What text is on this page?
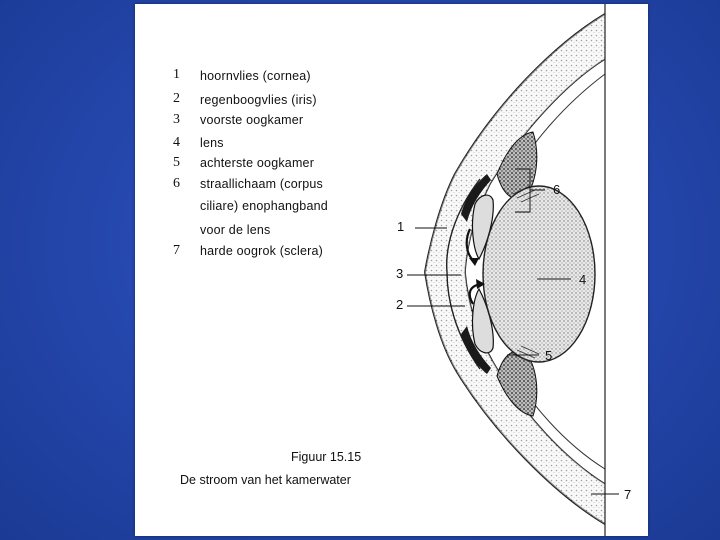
1 hoornvlies (cornea)
2 regenboogvlies (iris)
3 voorste oogkamer
4 lens
5 achterste oogkamer
6 straallichaam (corpus
ciliare) enophangband
voor de lens
7 harde oogrok (sclera)
1
3
2
4
5
6
7
Figuur 15.15
De stroom van het kamerwater
